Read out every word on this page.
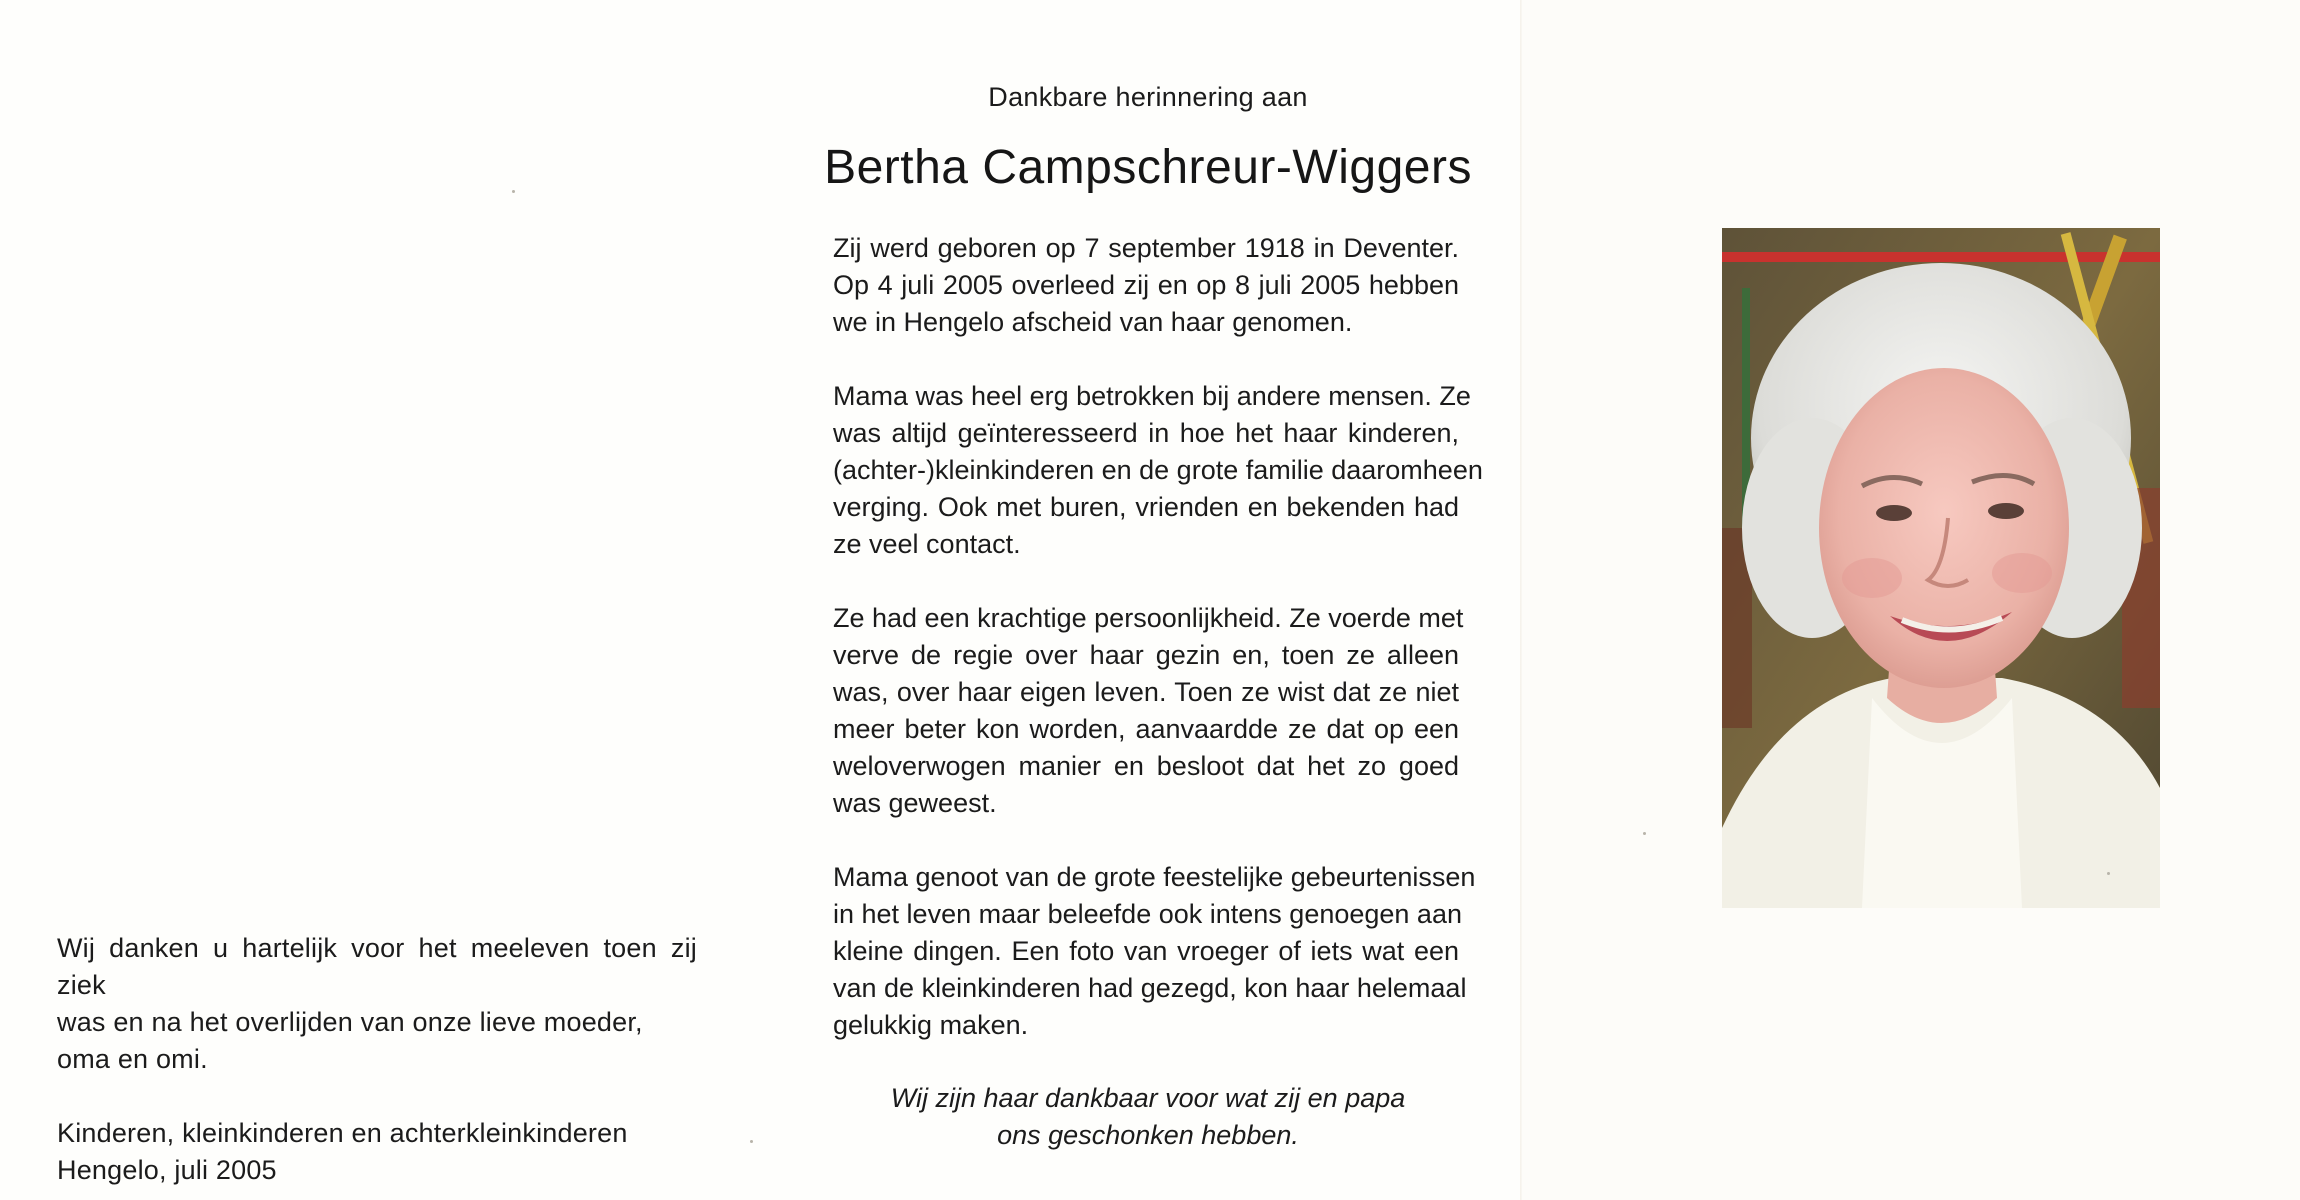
Wij danken u hartelijk voor het meeleven toen zij ziek

was en na het overlijden van onze lieve moeder,

oma en omi.

Kinderen, kleinkinderen en achterkleinkinderen

Hengelo, juli 2005

Dankbare herinnering aan
Bertha Campschreur-Wiggers
Zij werd geboren op 7 september 1918 in Deventer.
Op 4 juli 2005 overleed zij en op 8 juli 2005 hebben
we in Hengelo afscheid van haar genomen.
Mama was heel erg betrokken bij andere mensen. Ze
was altijd geïnteresseerd in hoe het haar kinderen,
(achter-)kleinkinderen en de grote familie daaromheen
verging. Ook met buren, vrienden en bekenden had
ze veel contact.
Ze had een krachtige persoonlijkheid. Ze voerde met
verve de regie over haar gezin en, toen ze alleen
was, over haar eigen leven. Toen ze wist dat ze niet
meer beter kon worden, aanvaardde ze dat op een
weloverwogen manier en besloot dat het zo goed
was geweest.
Mama genoot van de grote feestelijke gebeurtenissen
in het leven maar beleefde ook intens genoegen aan
kleine dingen. Een foto van vroeger of iets wat een
van de kleinkinderen had gezegd, kon haar helemaal
gelukkig maken.
Wij zijn haar dankbaar voor wat zij en papa
ons geschonken hebben.
